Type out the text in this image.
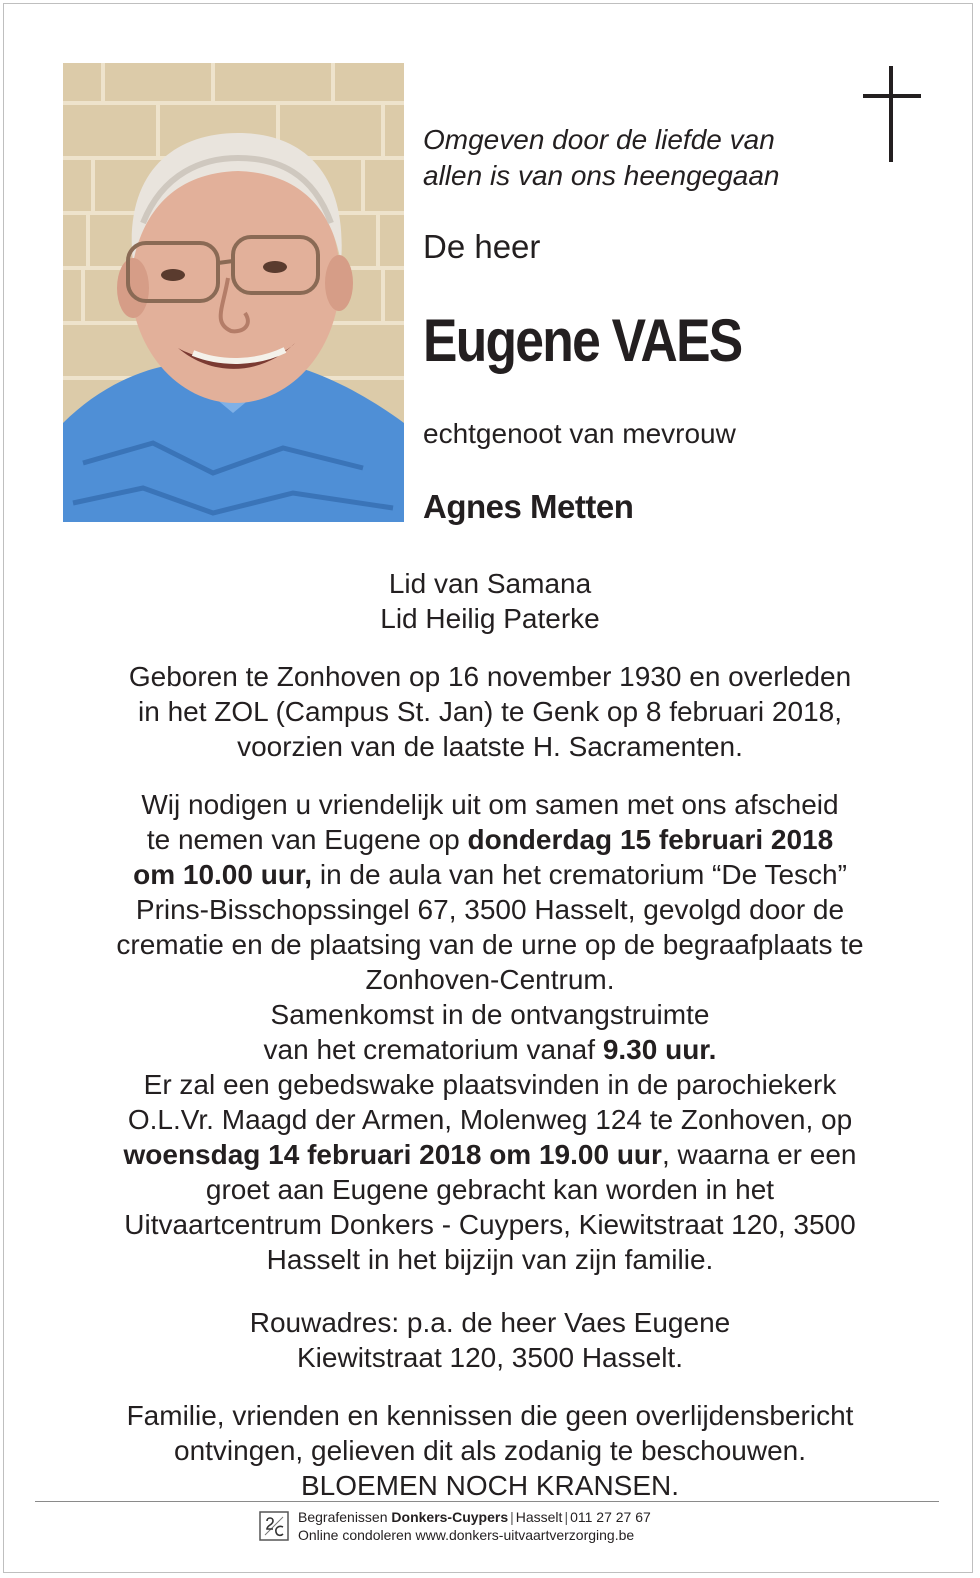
Omgeven door de liefde van
allen is van ons heengegaan
De heer
Eugene VAES
echtgenoot van mevrouw
Agnes Metten

Lid van Samana

Lid Heilig Paterke

Geboren te Zonhoven op 16 november 1930 en overleden

in het ZOL (Campus St. Jan) te Genk op 8 februari 2018,

voorzien van de laatste H. Sacramenten.

Wij nodigen u vriendelijk uit om samen met ons afscheid

te nemen van Eugene op donderdag 15 februari 2018

om 10.00 uur, in de aula van het crematorium “De Tesch”

Prins-Bisschopssingel 67, 3500 Hasselt, gevolgd door de

crematie en de plaatsing van de urne op de begraafplaats te

Zonhoven-Centrum.

Samenkomst in de ontvangstruimte

van het crematorium vanaf 9.30 uur.

Er zal een gebedswake plaatsvinden in de parochiekerk

O.L.Vr. Maagd der Armen, Molenweg 124 te Zonhoven, op

woensdag 14 februari 2018 om 19.00 uur, waarna er een

groet aan Eugene gebracht kan worden in het

Uitvaartcentrum Donkers - Cuypers, Kiewitstraat 120, 3500

Hasselt in het bijzijn van zijn familie.

Rouwadres: p.a. de heer Vaes Eugene

Kiewitstraat 120, 3500 Hasselt.

Familie, vrienden en kennissen die geen overlijdensbericht

ontvingen, gelieven dit als zodanig te beschouwen.

BLOEMEN NOCH KRANSEN.

Begrafenissen Donkers-Cuypers | Hasselt | 011 27 27 67
Online condoleren www.donkers-uitvaartverzorging.be
